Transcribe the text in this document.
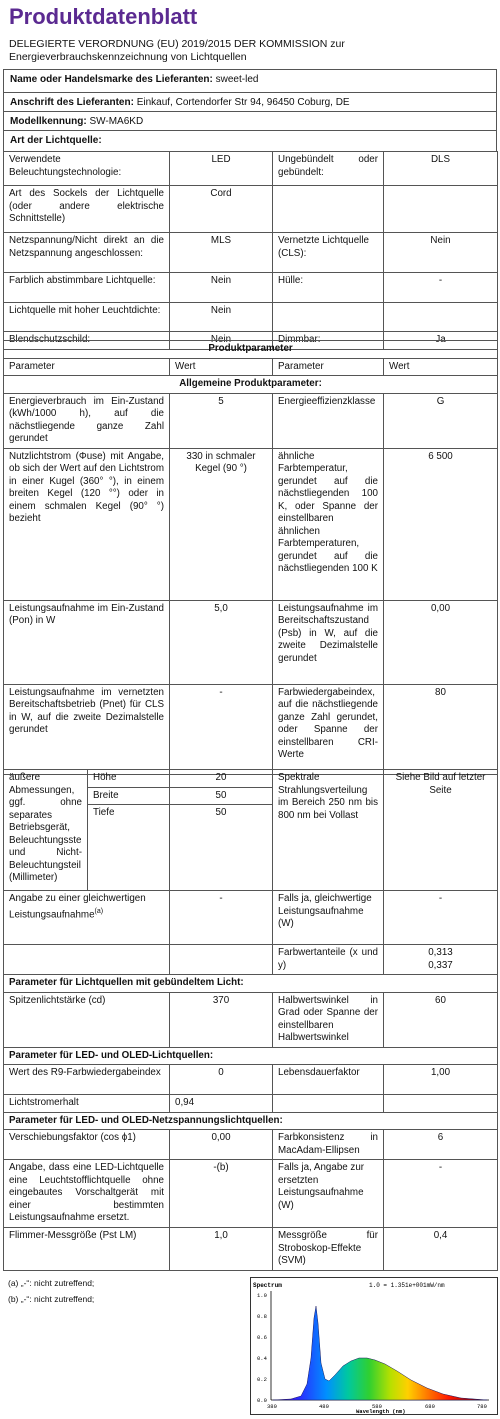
Produktdatenblatt
DELEGIERTE VERORDNUNG (EU) 2019/2015 DER KOMMISSION zur Energieverbrauchskennzeichnung von Lichtquellen
Name oder Handelsmarke des Lieferanten: sweet-led
Anschrift des Lieferanten: Einkauf, Cortendorfer Str 94, 96450 Coburg, DE
Modellkennung: SW-MA6KD
Art der Lichtquelle:
Verwendete Beleuchtungstechnologie:	LED	Ungebündelt oder gebündelt:	DLS
Art des Sockels der Lichtquelle (oder andere elektrische Schnittstelle)	Cord		
Netzspannung/Nicht direkt an die Netzspannung angeschlossen:	MLS	Vernetzte Lichtquelle (CLS):	Nein
Farblich abstimmbare Lichtquelle:	Nein	Hülle:	-
Lichtquelle mit hoher Leuchtdichte:	Nein		
Blendschutzschild:	Nein	Dimmbar:	Ja
Produktparameter			
Parameter	Wert	Parameter	Wert
Allgemeine Produktparameter:			
Energieverbrauch im Ein-Zustand (kWh/1000 h), auf die nächstliegende ganze Zahl gerundet	5	Energieeffizienzklasse	G
Nutzlichtstrom (Φuse) mit Angabe, ob sich der Wert auf den Lichtstrom in einer Kugel (360° °), in einem breiten Kegel (120 °°) oder in einem schmalen Kegel (90° °) bezieht	330 in schmaler Kegel (90 °)	ähnliche Farbtemperatur, gerundet auf die nächstliegenden 100 K, oder Spanne der einstellbaren ähnlichen Farbtemperaturen, gerundet auf die nächstliegenden 100 K	6 500
Leistungsaufnahme im Ein-Zustand (Pon) in W	5,0	Leistungsaufnahme im Bereitschaftszustand (Psb) in W, auf die zweite Dezimalstelle gerundet	0,00
Leistungsaufnahme im vernetzten Bereitschaftsbetrieb (Pnet) für CLS in W, auf die zweite Dezimalstelle gerundet	-	Farbwiedergabeindex, auf die nächstliegende ganze Zahl gerundet, oder Spanne der einstellbaren CRI-Werte	80
äußere Abmessungen, ggf. ohne separates Betriebsgerät, Beleuchtungsste und Nicht-Beleuchtungsteil (Millimeter)	Höhe	20	Spektrale Strahlungsverteilung im Bereich 250 nm bis 800 nm bei Vollast	Siehe Bild auf letzter Seite
	Breite	50		
	Tiefe	50		
Angabe zu einer gleichwertigen Leistungsaufnahme$^{(a)}$		-	Falls ja, gleichwertige Leistungsaufnahme (W)	-
			Farbwertanteile (x und y)	0,313
0,337

Parameter für Lichtquellen mit gebündeltem Licht:				
Spitzenlichtstärke (cd)		370	Halbwertswinkel in Grad oder Spanne der einstellbaren Halbwertswinkel	60
Parameter für LED- und OLED-Lichtquellen:				
Wert des R9-Farbwiedergabeindex		0	Lebensdauerfaktor	1,00
Lichtstromerhalt		0,94		
Parameter für LED- und OLED-Netzspannungslichtquellen:				
Verschiebungsfaktor (cos ϕ1)		0,00	Farbkonsistenz in MacAdam-Ellipsen	6
Angabe, dass eine LED-Lichtquelle eine Leuchtstofflichtquelle ohne eingebautes Vorschaltgerät mit einer bestimmten Leistungsaufnahme ersetzt.		-(b)	Falls ja, Angabe zur ersetzten Leistungsaufnahme (W)	-
Flimmer-Messgröße (Pst LM)		1,0	Messgröße für Stroboskop-Effekte (SVM)	0,4
(a) „-“: nicht zutreffend;
(b) „-“: nicht zutreffend;
Spectrum	1.0 = 1.351e+001mW/nm
1.0
0.8
0.6
0.4
0.2
0.0
380	480	580	680	780
Wavelength (nm)
